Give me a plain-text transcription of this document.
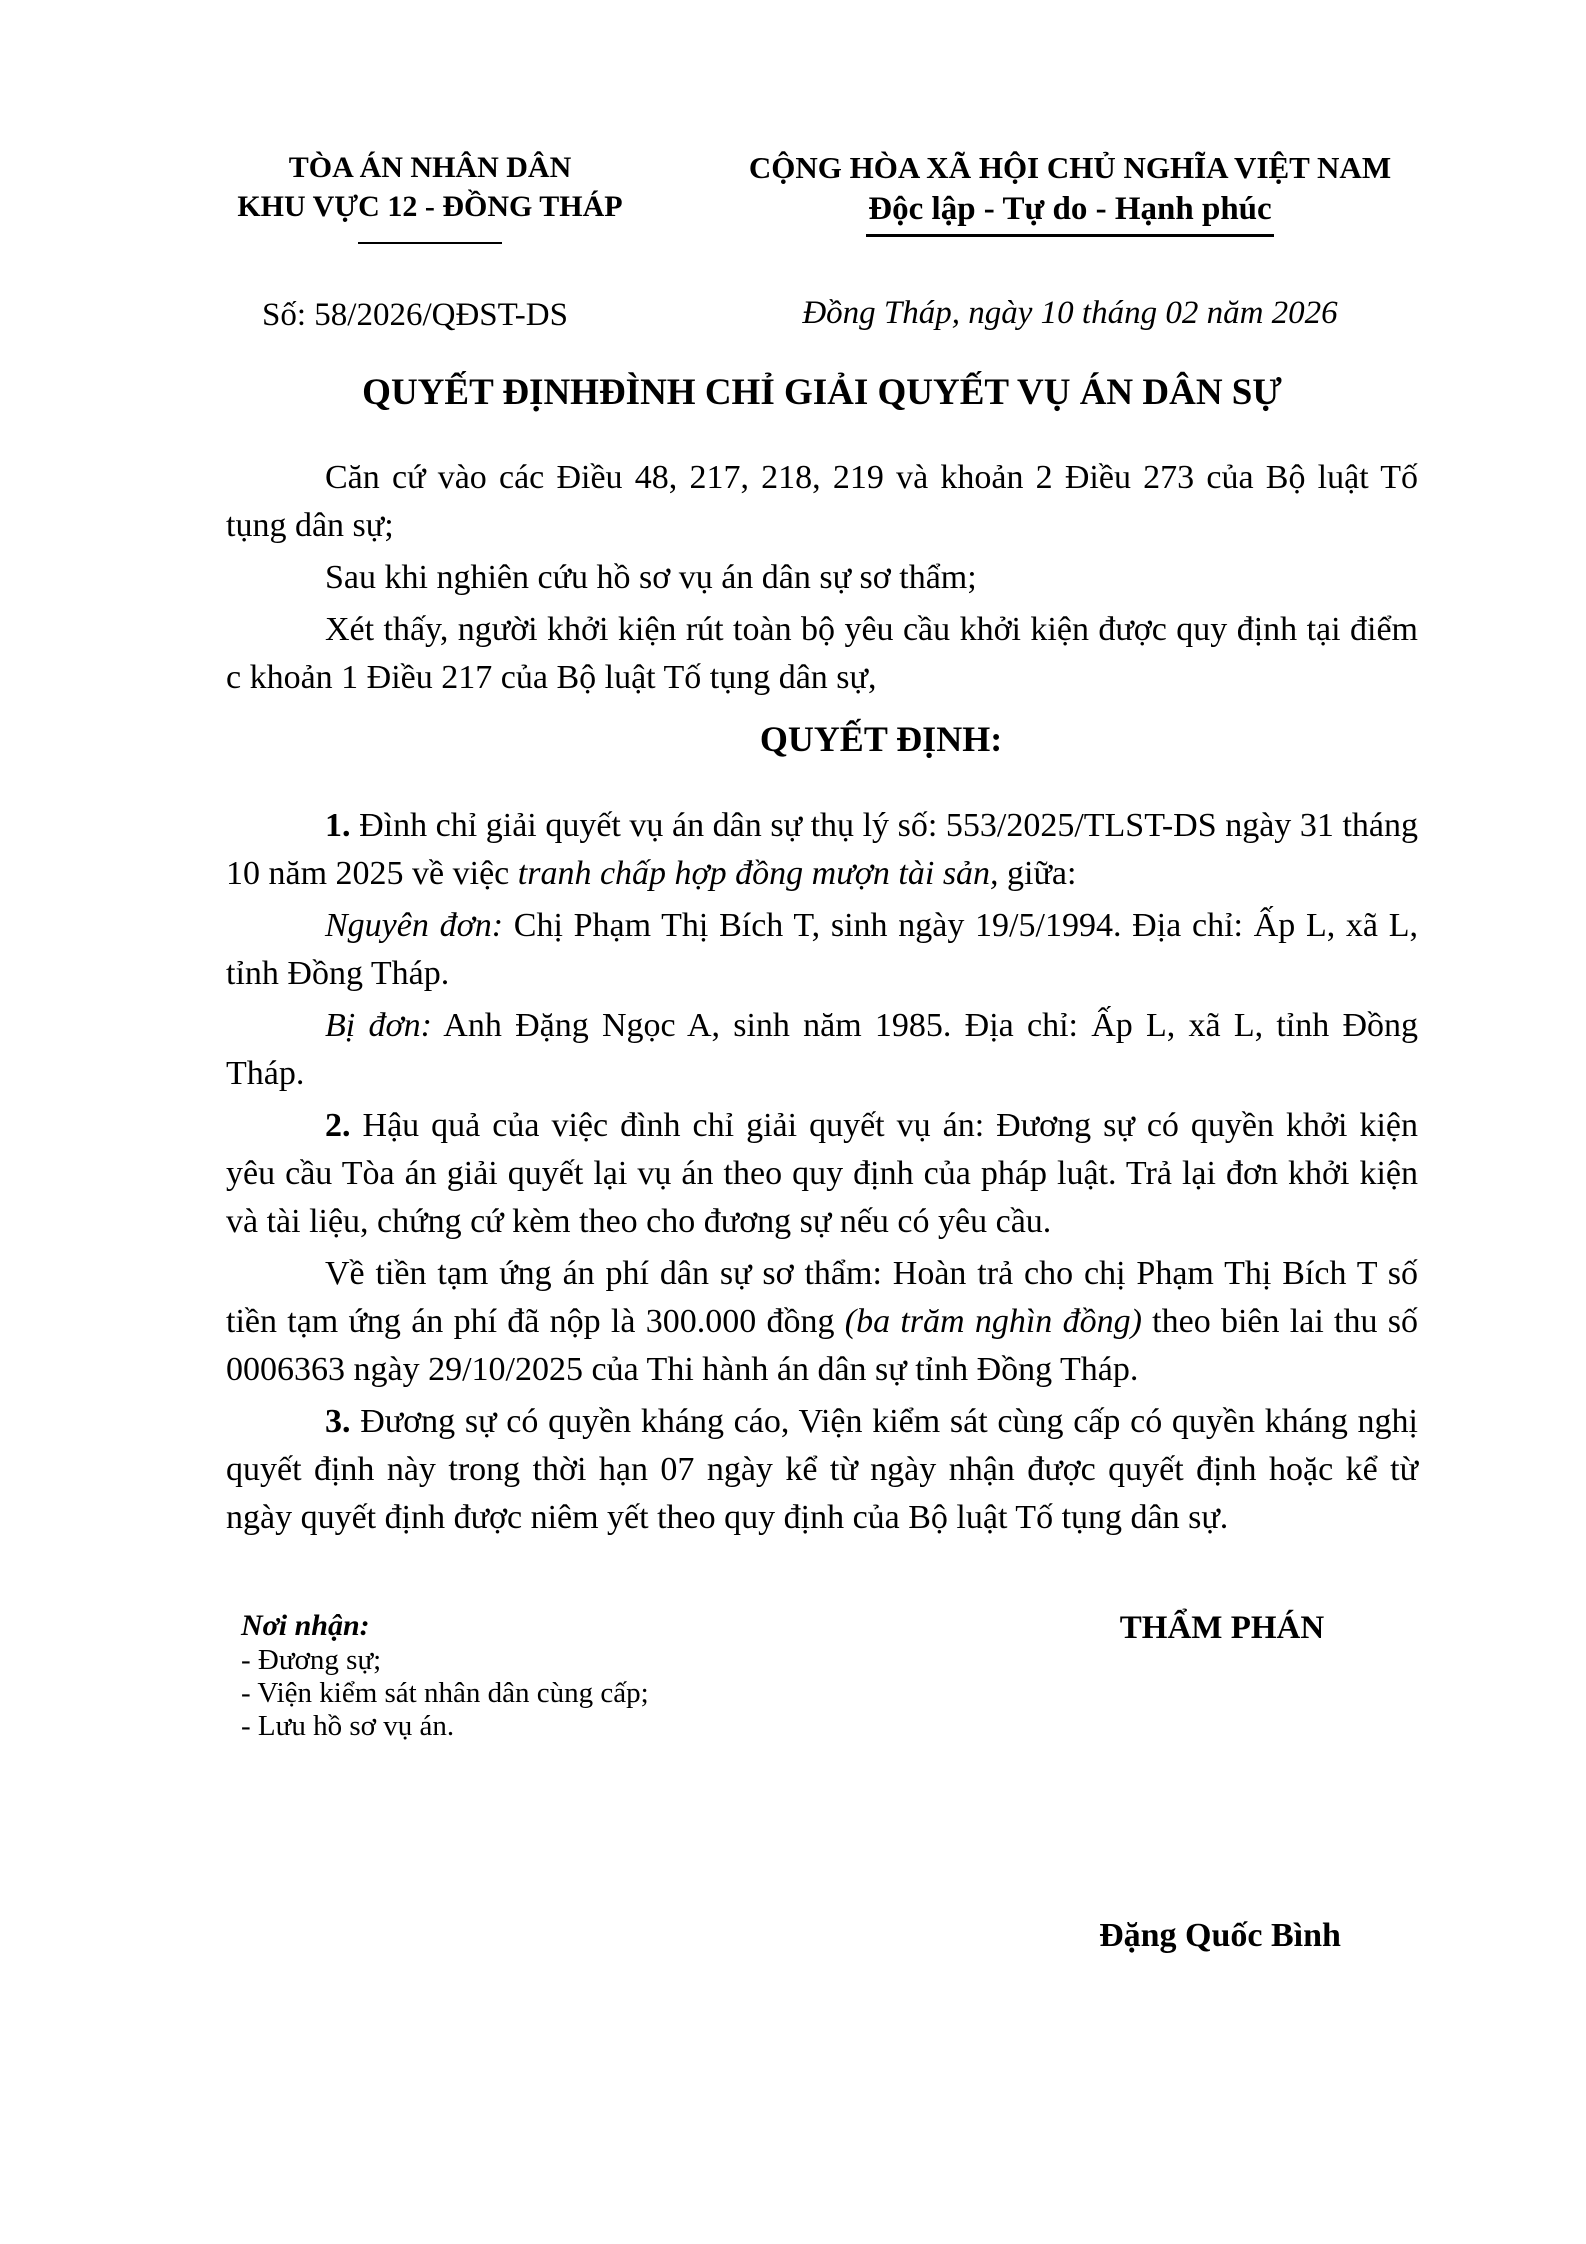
TÒA ÁN NHÂN DÂN
KHU VỰC 12 - ĐỒNG THÁP
CỘNG HÒA XÃ HỘI CHỦ NGHĨA VIỆT NAM
Độc lập - Tự do - Hạnh phúc
Số: 58/2026/QĐST-DS	Đồng Tháp, ngày 10 tháng 02 năm 2026
QUYẾT ĐỊNHĐÌNH CHỈ GIẢI QUYẾT VỤ ÁN DÂN SỰ

Căn cứ vào các Điều 48, 217, 218, 219 và khoản 2 Điều 273 của Bộ luật Tố tụng dân sự;

Sau khi nghiên cứu hồ sơ vụ án dân sự sơ thẩm;

Xét thấy, người khởi kiện rút toàn bộ yêu cầu khởi kiện được quy định tại điểm c khoản 1 Điều 217 của Bộ luật Tố tụng dân sự,

QUYẾT ĐỊNH:

1. Đình chỉ giải quyết vụ án dân sự thụ lý số: 553/2025/TLST-DS ngày 31 tháng 10 năm 2025 về việc tranh chấp hợp đồng mượn tài sản, giữa:

Nguyên đơn: Chị Phạm Thị Bích T, sinh ngày 19/5/1994. Địa chỉ: Ấp L, xã L, tỉnh Đồng Tháp.

Bị đơn: Anh Đặng Ngọc A, sinh năm 1985. Địa chỉ: Ấp L, xã L, tỉnh Đồng Tháp.

2. Hậu quả của việc đình chỉ giải quyết vụ án: Đương sự có quyền khởi kiện yêu cầu Tòa án giải quyết lại vụ án theo quy định của pháp luật. Trả lại đơn khởi kiện và tài liệu, chứng cứ kèm theo cho đương sự nếu có yêu cầu.

Về tiền tạm ứng án phí dân sự sơ thẩm: Hoàn trả cho chị Phạm Thị Bích T số tiền tạm ứng án phí đã nộp là 300.000 đồng (ba trăm nghìn đồng) theo biên lai thu số 0006363 ngày 29/10/2025 của Thi hành án dân sự tỉnh Đồng Tháp.

3. Đương sự có quyền kháng cáo, Viện kiểm sát cùng cấp có quyền kháng nghị quyết định này trong thời hạn 07 ngày kể từ ngày nhận được quyết định hoặc kể từ ngày quyết định được niêm yết theo quy định của Bộ luật Tố tụng dân sự.

Nơi nhận:
- Đương sự;
- Viện kiểm sát nhân dân cùng cấp;
- Lưu hồ sơ vụ án.
THẨM PHÁN
Đặng Quốc Bình
